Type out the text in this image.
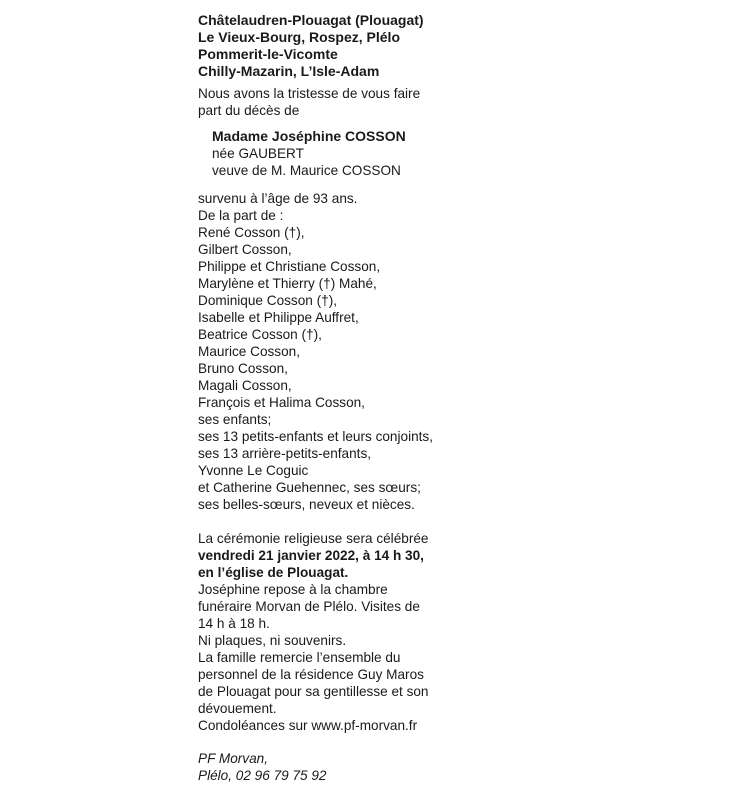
Châtelaudren-Plouagat (Plouagat)
Le Vieux-Bourg, Rospez, Plélo
Pommerit-le-Vicomte
Chilly-Mazarin, L’Isle-Adam
Nous avons la tristesse de vous faire
part du décès de
Madame Joséphine COSSON
née GAUBERT
veuve de M. Maurice COSSON
survenu à l’âge de 93 ans.
De la part de :
René Cosson (†),
Gilbert Cosson,
Philippe et Christiane Cosson,
Marylène et Thierry (†) Mahé,
Dominique Cosson (†),
Isabelle et Philippe Auffret,
Beatrice Cosson (†),
Maurice Cosson,
Bruno Cosson,
Magali Cosson,
François et Halima Cosson,
ses enfants;
ses 13 petits-enfants et leurs conjoints,
ses 13 arrière-petits-enfants,
Yvonne Le Coguic
et Catherine Guehennec, ses sœurs;
ses belles-sœurs, neveux et nièces.
La cérémonie religieuse sera célébrée
vendredi 21 janvier 2022, à 14 h 30,
en l’église de Plouagat.
Joséphine repose à la chambre
funéraire Morvan de Plélo. Visites de
14 h à 18 h.
Ni plaques, ni souvenirs.
La famille remercie l’ensemble du
personnel de la résidence Guy Maros
de Plouagat pour sa gentillesse et son
dévouement.
Condoléances sur www.pf-morvan.fr
PF Morvan,
Plélo, 02 96 79 75 92
